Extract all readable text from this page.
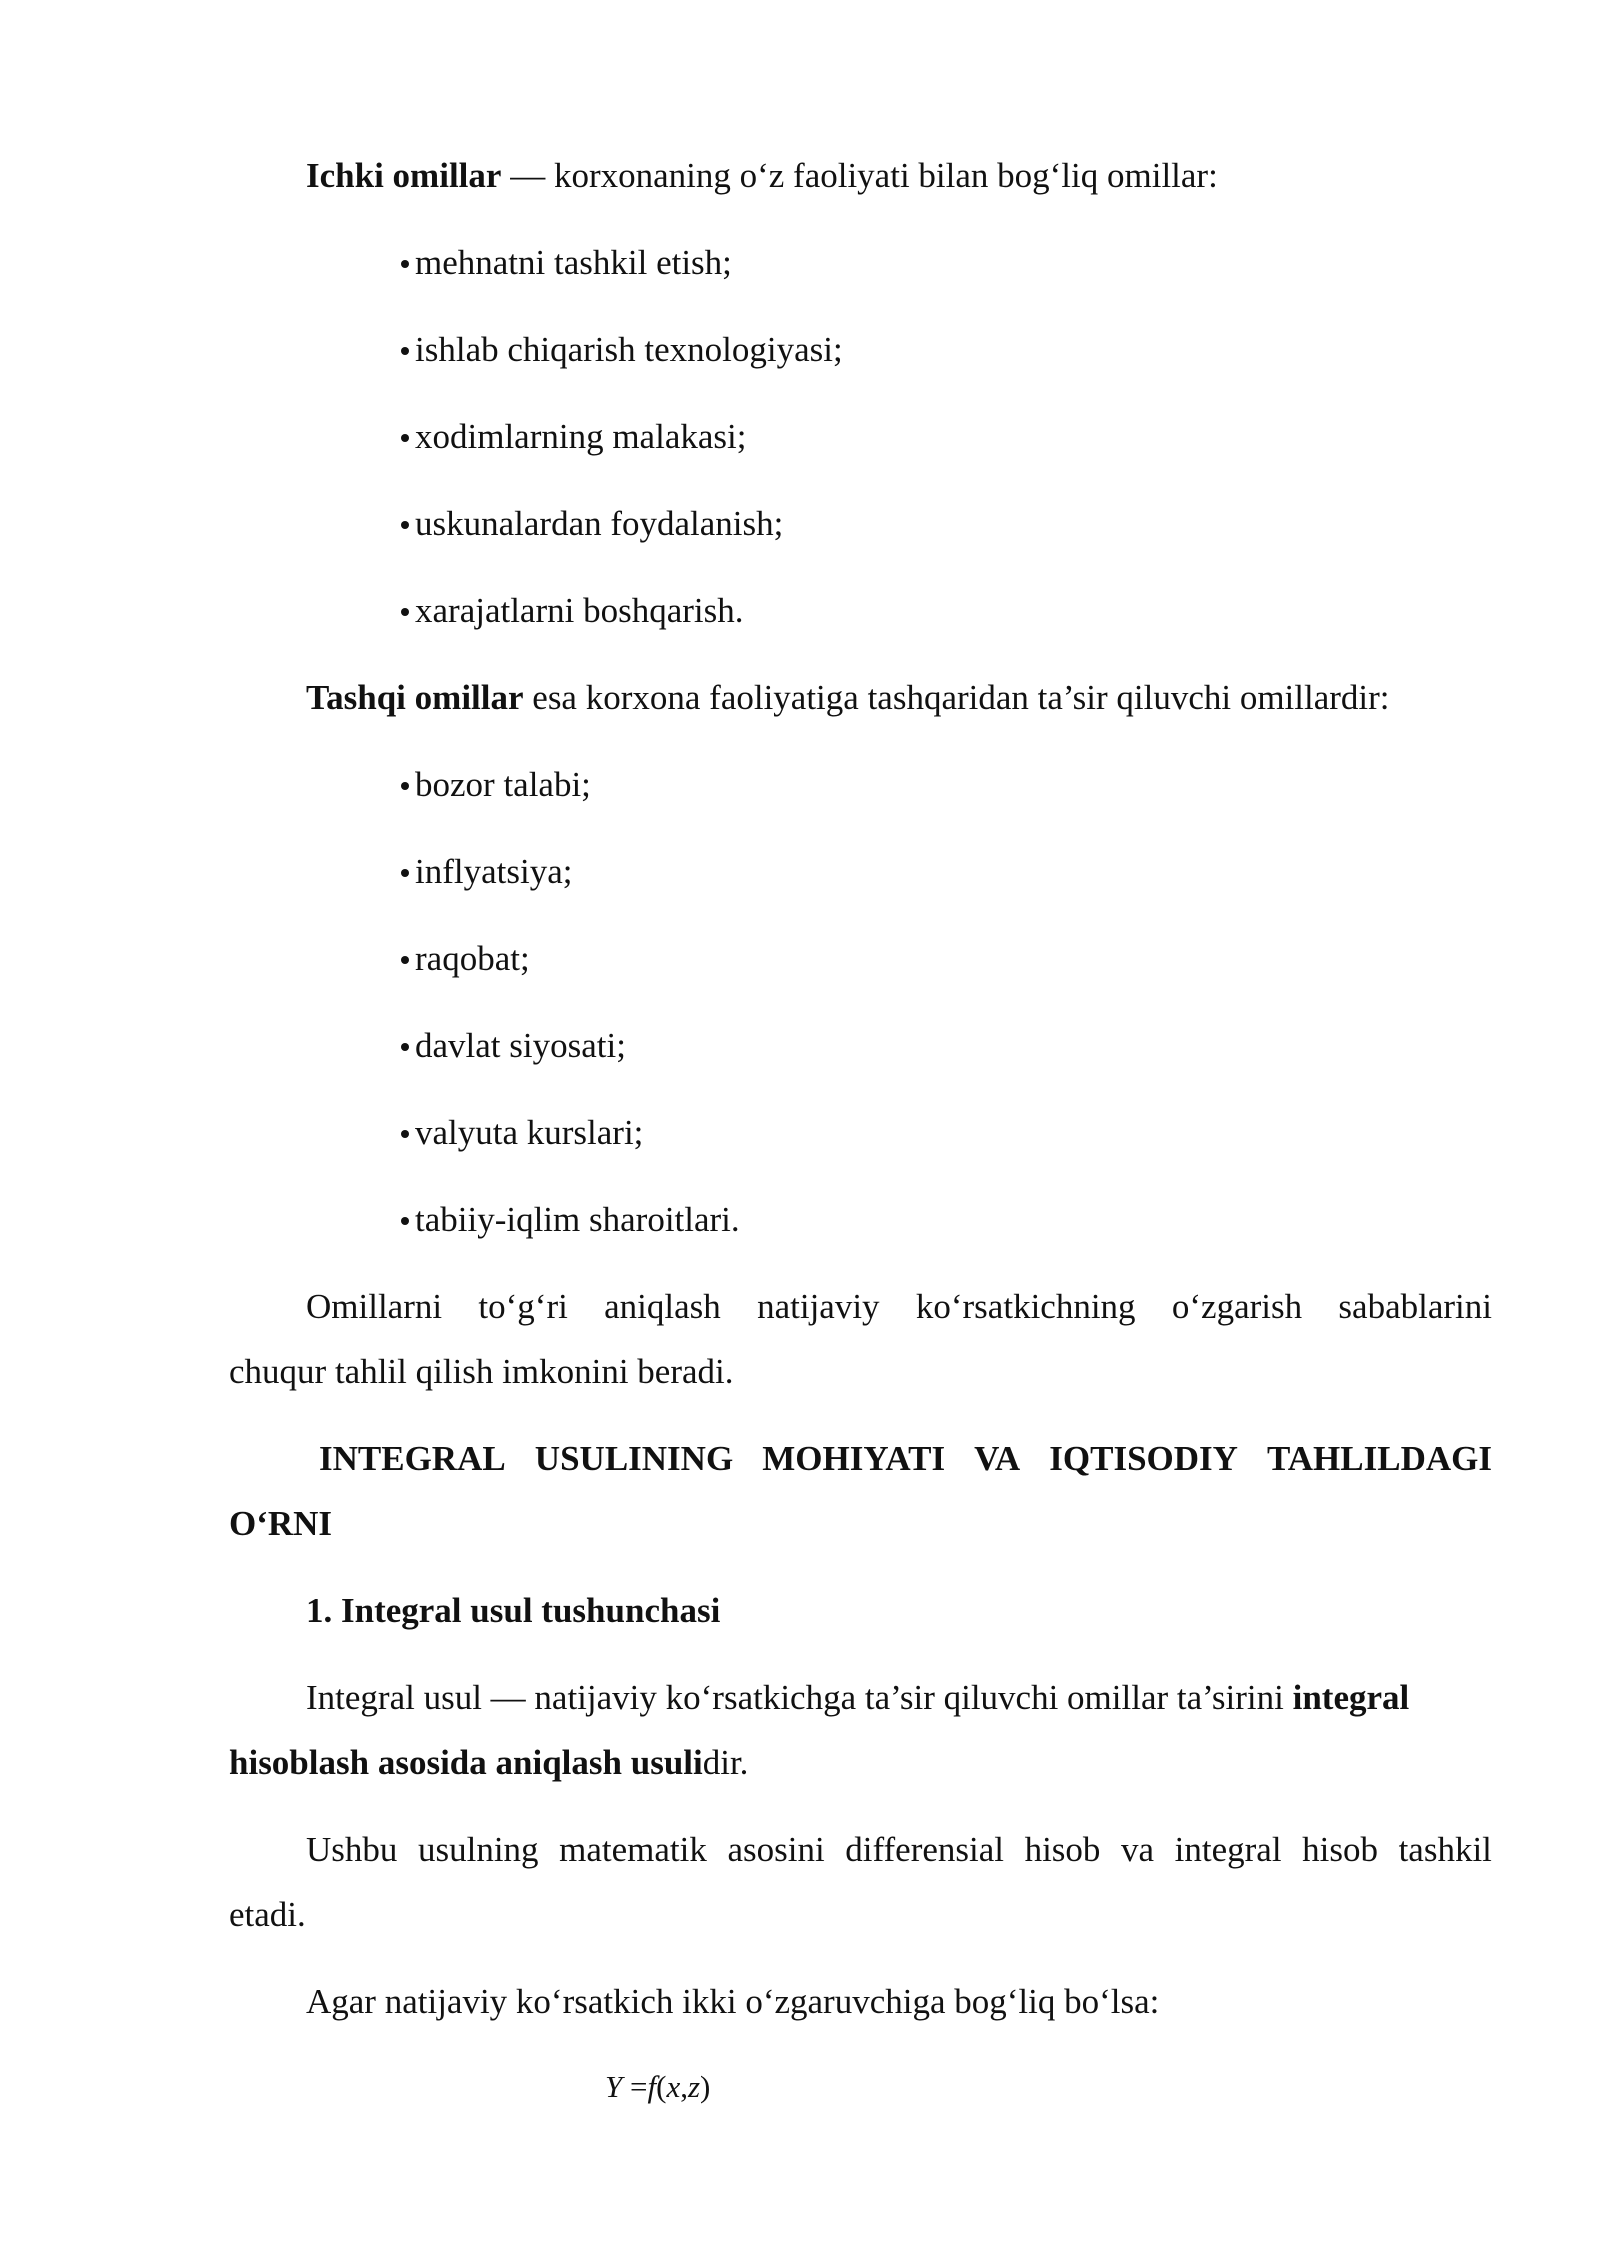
Ichki omillar — korxonaning o‘z faoliyati bilan bog‘liq omillar:
mehnatni tashkil etish;
ishlab chiqarish texnologiyasi;
xodimlarning malakasi;
uskunalardan foydalanish;
xarajatlarni boshqarish.
Tashqi omillar esa korxona faoliyatiga tashqaridan ta’sir qiluvchi omillardir:
bozor talabi;
inflyatsiya;
raqobat;
davlat siyosati;
valyuta kurslari;
tabiiy-iqlim sharoitlari.
Omillarni to‘g‘ri aniqlash natijaviy ko‘rsatkichning o‘zgarish sabablarini
chuqur tahlil qilish imkonini beradi.
INTEGRAL USULINING MOHIYATI VA IQTISODIY TAHLILDAGI
O‘RNI
1. Integral usul tushunchasi
Integral usul — natijaviy ko‘rsatkichga ta’sir qiluvchi omillar ta’sirini integral
hisoblash asosida aniqlash usulidir.
Ushbu usulning matematik asosini differensial hisob va integral hisob tashkil
etadi.
Agar natijaviy ko‘rsatkich ikki o‘zgaruvchiga bog‘liq bo‘lsa:
Y =f(x,z)
